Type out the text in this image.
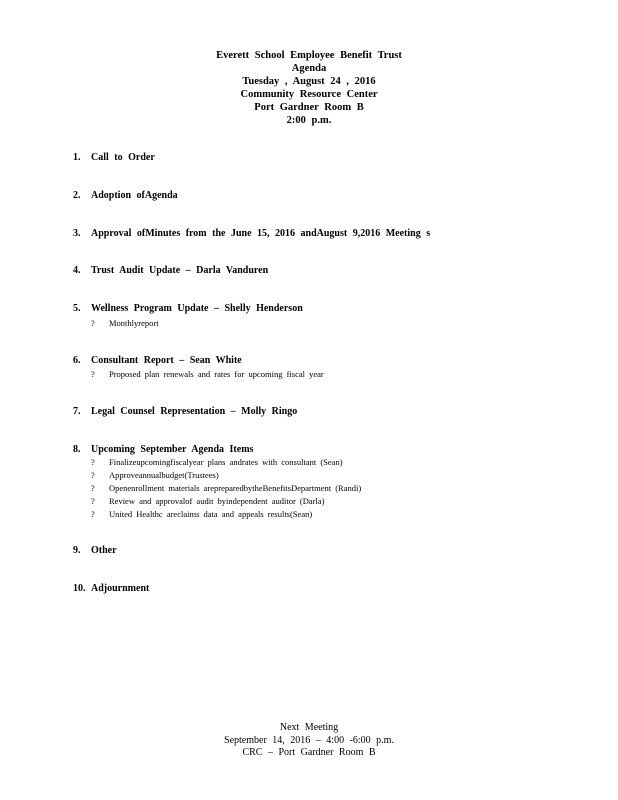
Everett School Employee Benefit Trust
Agenda
Tuesday , August 24 , 2016
Community Resource Center
Port Gardner Room B
2:00 p.m.
1. Call to Order
2. Adoption ofAgenda
3. Approval ofMinutes from the June 15, 2016 andAugust 9,2016 Meeting s
4. Trust Audit Update – Darla Vanduren
5. Wellness Program Update – Shelly Henderson
? Monthlyreport
6. Consultant Report – Sean White
? Proposed plan renewals and rates for upcoming fiscal year
7. Legal Counsel Representation – Molly Ringo
8. Upcoming September Agenda Items
? Finalizeupcomingfiscalyear plans andrates with consultant (Sean)
? Approveannualbudget(Trustees)
? Openenrollment materials arepreparedbytheBenefitsDepartment (Randi)
? Review and approvalof audit byindependent auditor (Darla)
? United Healthc areclaims data and appeals results(Sean)
9. Other
10. Adjournment
Next Meeting
September 14, 2016 – 4:00 -6:00 p.m.
CRC – Port Gardner Room B
